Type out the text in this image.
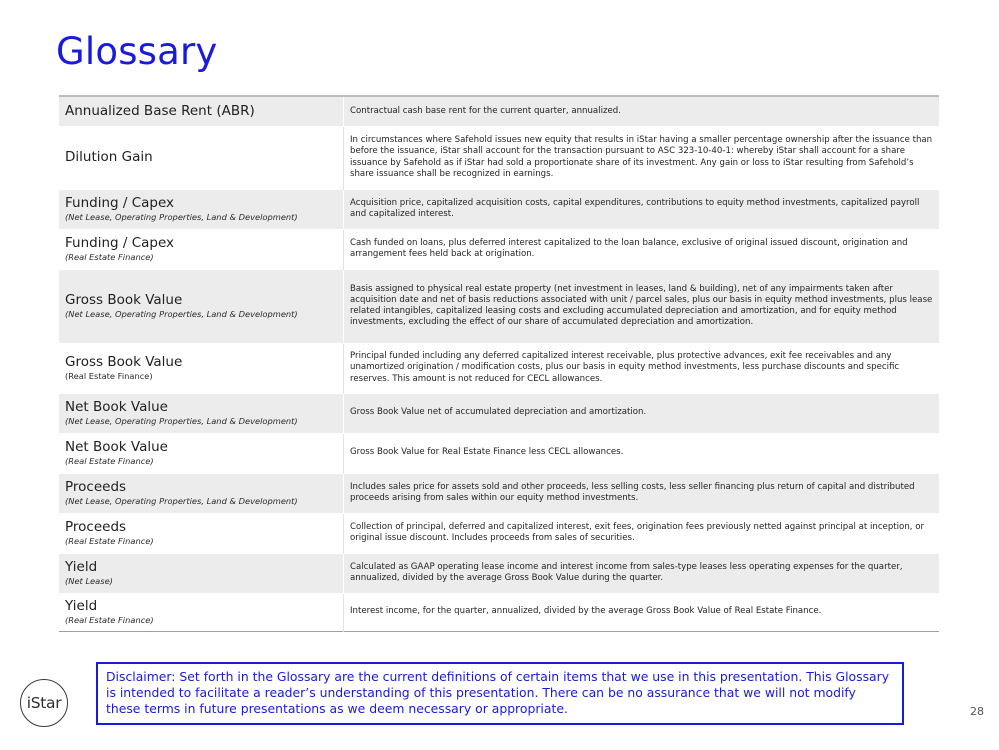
Glossary
Annualized Base Rent (ABR)	Contractual cash base rent for the current quarter, annualized.

Dilution Gain	In circumstances where Safehold issues new equity that results in iStar having a smaller percentage ownership after the issuance than before the issuance, iStar shall account for the transaction pursuant to ASC 323-10-40-1: whereby iStar shall account for a share issuance by Safehold as if iStar had sold a proportionate share of its investment. Any gain or loss to iStar resulting from Safehold’s share issuance shall be recognized in earnings.

Funding / Capex
(Net Lease, Operating Properties, Land & Development)	Acquisition price, capitalized acquisition costs, capital expenditures, contributions to equity method investments, capitalized payroll and capitalized interest.

Funding / Capex
(Real Estate Finance)	Cash funded on loans, plus deferred interest capitalized to the loan balance, exclusive of original issued discount, origination and arrangement fees held back at origination.

Gross Book Value
(Net Lease, Operating Properties, Land & Development)	Basis assigned to physical real estate property (net investment in leases, land & building), net of any impairments taken after acquisition date and net of basis reductions associated with unit / parcel sales, plus our basis in equity method investments, plus lease related intangibles, capitalized leasing costs and excluding accumulated depreciation and amortization, and for equity method investments, excluding the effect of our share of accumulated depreciation and amortization.

Gross Book Value
(Real Estate Finance)	Principal funded including any deferred capitalized interest receivable, plus protective advances, exit fee receivables and any unamortized origination / modification costs, plus our basis in equity method investments, less purchase discounts and specific reserves. This amount is not reduced for CECL allowances.

Net Book Value
(Net Lease, Operating Properties, Land & Development)	Gross Book Value net of accumulated depreciation and amortization.

Net Book Value
(Real Estate Finance)	Gross Book Value for Real Estate Finance less CECL allowances.

Proceeds
(Net Lease, Operating Properties, Land & Development)	Includes sales price for assets sold and other proceeds, less selling costs, less seller financing plus return of capital and distributed proceeds arising from sales within our equity method investments.

Proceeds
(Real Estate Finance)	Collection of principal, deferred and capitalized interest, exit fees, origination fees previously netted against principal at inception, or original issue discount. Includes proceeds from sales of securities.

Yield
(Net Lease)	Calculated as GAAP operating lease income and interest income from sales-type leases less operating expenses for the quarter, annualized, divided by the average Gross Book Value during the quarter.

Yield
(Real Estate Finance)	Interest income, for the quarter, annualized, divided by the average Gross Book Value of Real Estate Finance.
iStar
Disclaimer: Set forth in the Glossary are the current definitions of certain items that we use in this presentation. This Glossary is intended to facilitate a reader’s understanding of this presentation. There can be no assurance that we will not modify these terms in future presentations as we deem necessary or appropriate.	28
